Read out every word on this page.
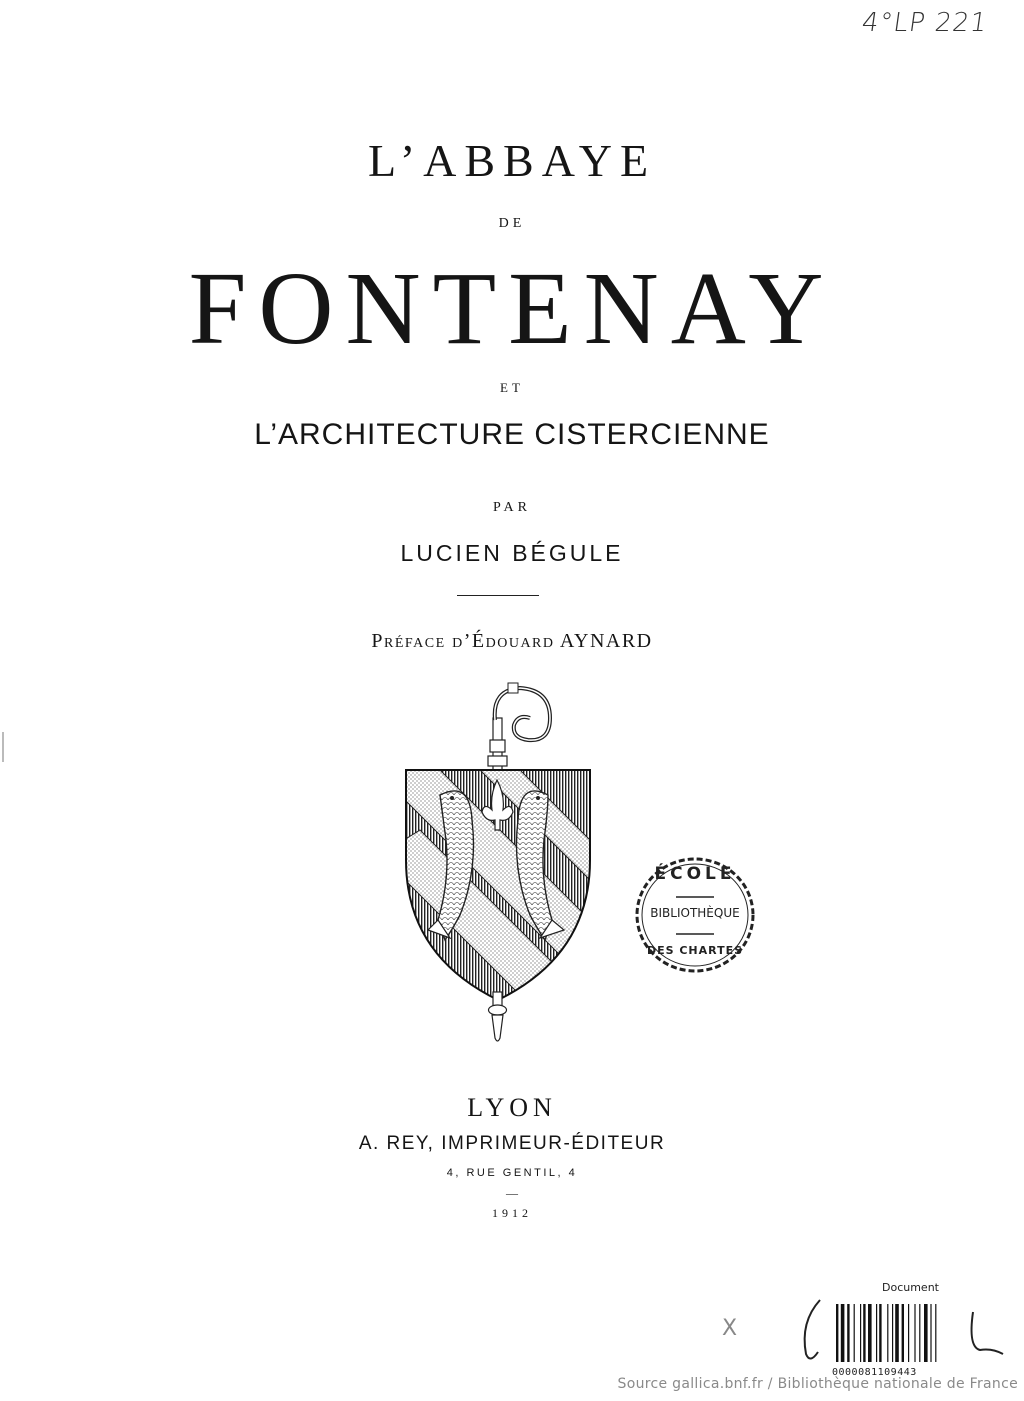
4°LP 221
L’ABBAYE
DE
FONTENAY
ET
L’ARCHITECTURE CISTERCIENNE
PAR
LUCIEN BÉGULE
Préface d’Édouard AYNARD
ÉCOLE
BIBLIOTHÈQUE
DES CHARTES
LYON
A. REY, IMPRIMEUR-ÉDITEUR
4, RUE GENTIL, 4
—
1912
X
Document
0000081109443
Source gallica.bnf.fr / Bibliothèque nationale de France
